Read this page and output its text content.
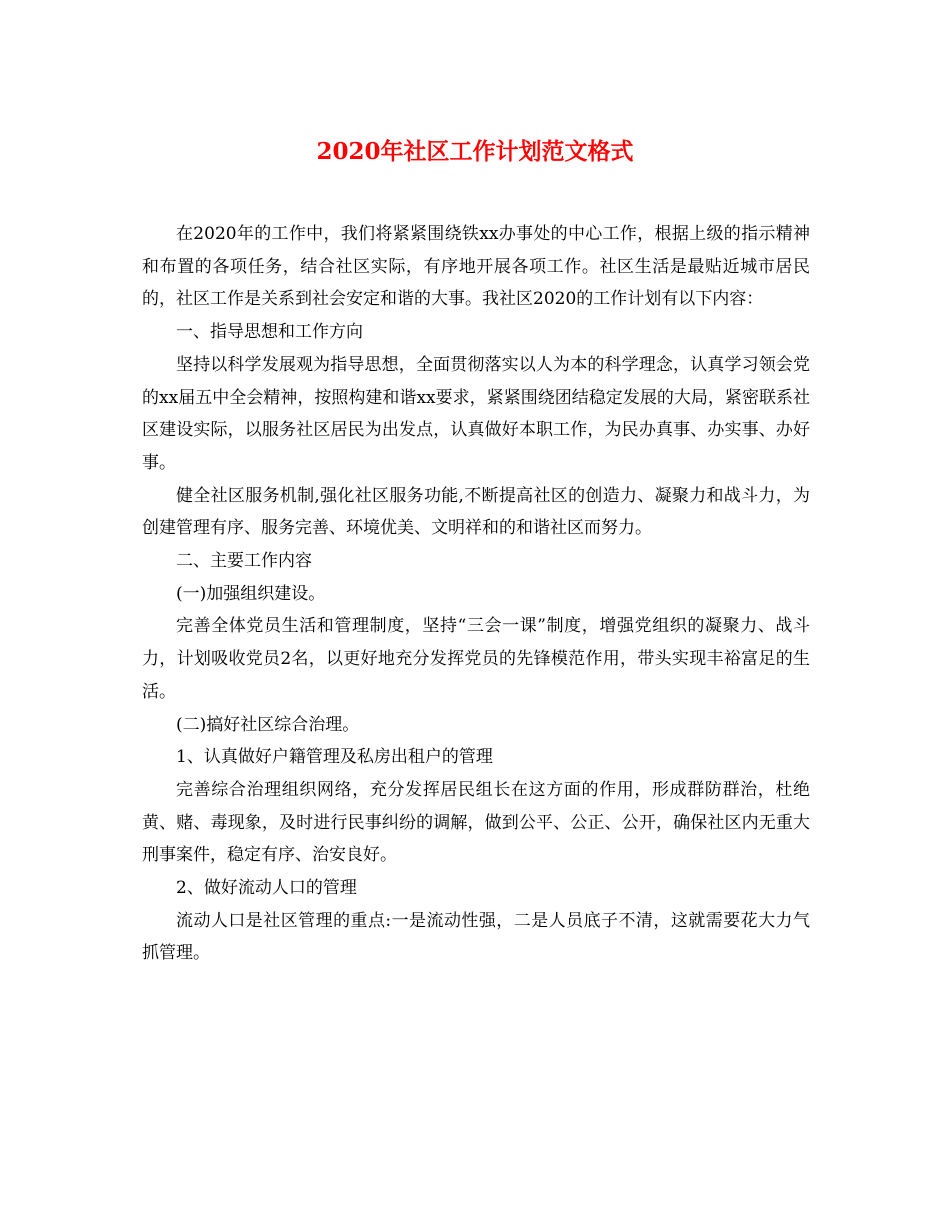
2020年社区工作计划范文格式

在2020年的工作中，我们将紧紧围绕铁xx办事处的中心工作，根据上级的指示精神和布置的各项任务，结合社区实际，有序地开展各项工作。社区生活是最贴近城市居民的，社区工作是关系到社会安定和谐的大事。我社区2020的工作计划有以下内容：

一、指导思想和工作方向

坚持以科学发展观为指导思想，全面贯彻落实以人为本的科学理念，认真学习领会党的xx届五中全会精神，按照构建和谐xx要求，紧紧围绕团结稳定发展的大局，紧密联系社区建设实际，以服务社区居民为出发点，认真做好本职工作，为民办真事、办实事、办好事。

健全社区服务机制,强化社区服务功能,不断提高社区的创造力、凝聚力和战斗力，为创建管理有序、服务完善、环境优美、文明祥和的和谐社区而努力。

二、主要工作内容

(一)加强组织建设。

完善全体党员生活和管理制度，坚持“三会一课”制度，增强党组织的凝聚力、战斗力，计划吸收党员2名，以更好地充分发挥党员的先锋模范作用，带头实现丰裕富足的生活。

(二)搞好社区综合治理。

1、认真做好户籍管理及私房出租户的管理

完善综合治理组织网络，充分发挥居民组长在这方面的作用，形成群防群治，杜绝黄、赌、毒现象，及时进行民事纠纷的调解，做到公平、公正、公开，确保社区内无重大刑事案件，稳定有序、治安良好。

2、做好流动人口的管理

流动人口是社区管理的重点:一是流动性强，二是人员底子不清，这就需要花大力气抓管理。
